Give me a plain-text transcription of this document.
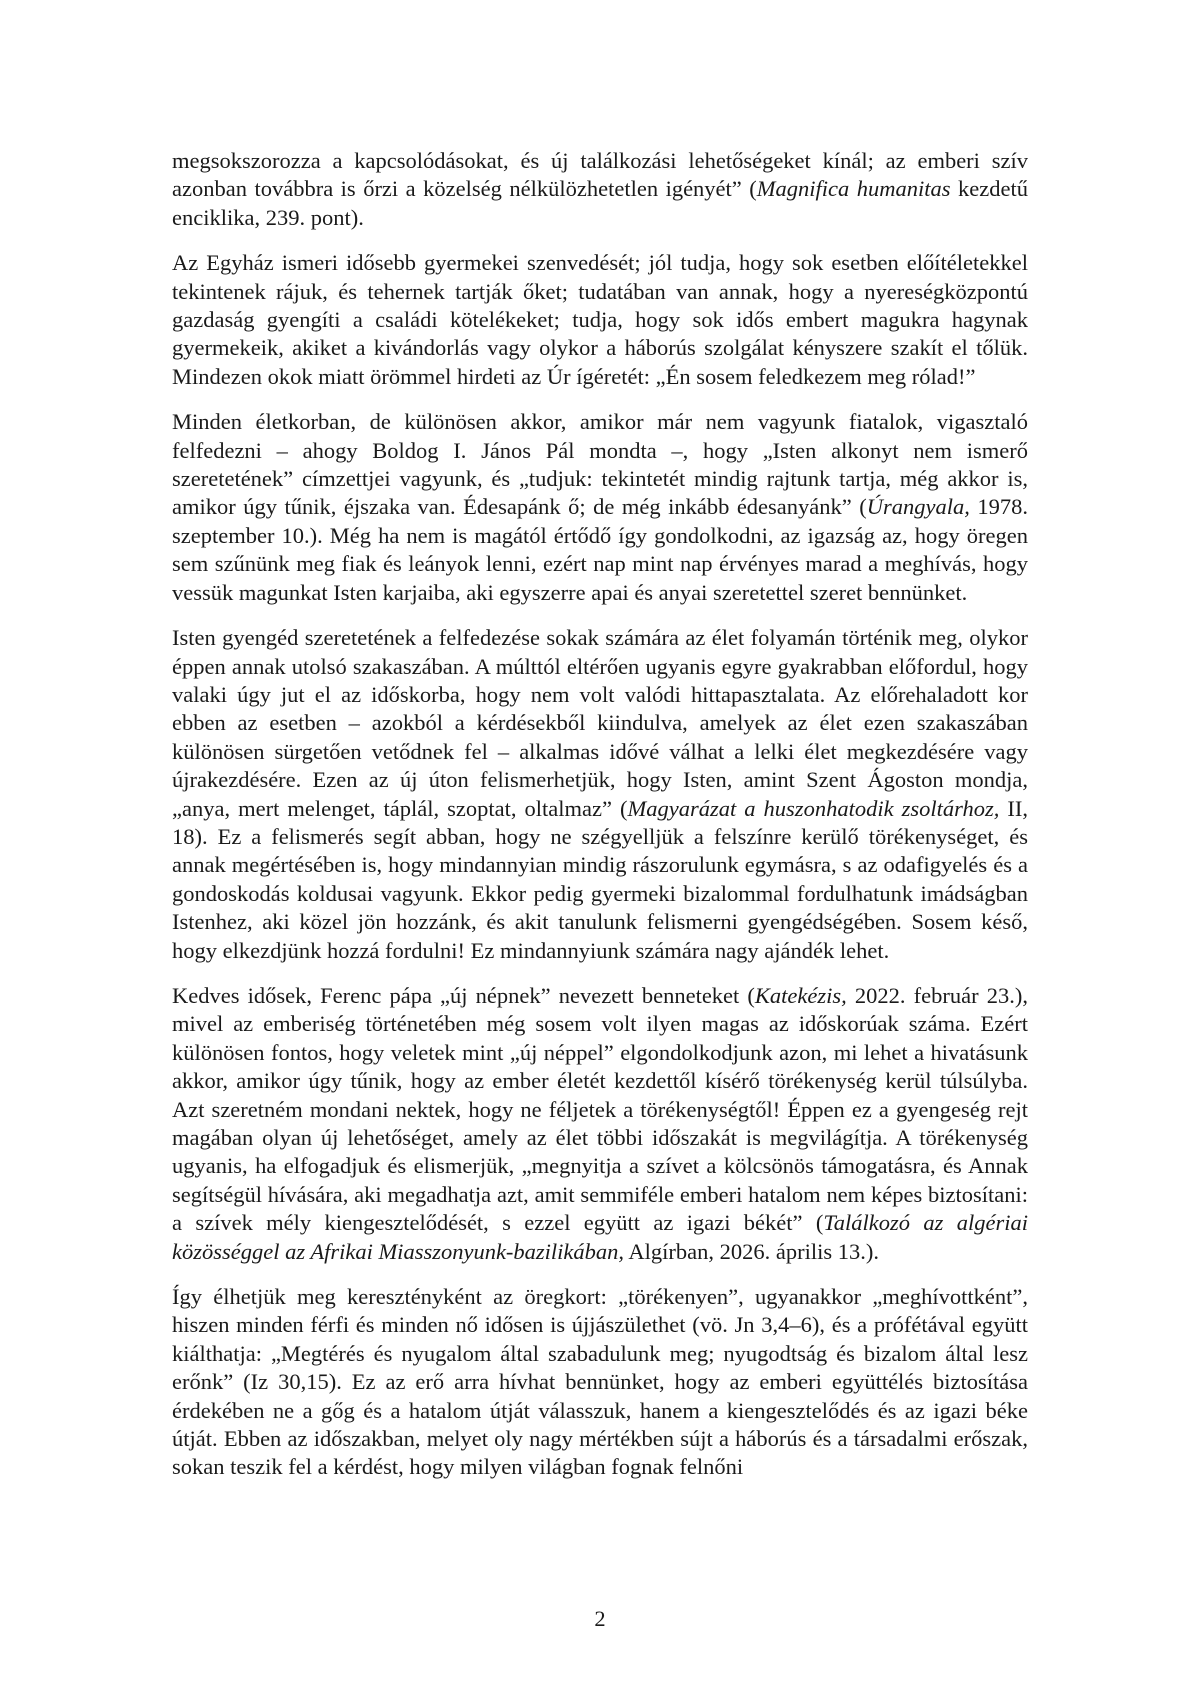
megsokszorozza a kapcsolódásokat, és új találkozási lehetőségeket kínál; az emberi szív azonban továbbra is őrzi a közelség nélkülözhetetlen igényét” (Magnifica humanitas kezdetű enciklika, 239. pont).

Az Egyház ismeri idősebb gyermekei szenvedését; jól tudja, hogy sok esetben előítéletekkel tekintenek rájuk, és tehernek tartják őket; tudatában van annak, hogy a nyereségközpontú gazdaság gyengíti a családi kötelékeket; tudja, hogy sok idős embert magukra hagynak gyermekeik, akiket a kivándorlás vagy olykor a háborús szolgálat kényszere szakít el tőlük. Mindezen okok miatt örömmel hirdeti az Úr ígéretét: „Én sosem feledkezem meg rólad!”

Minden életkorban, de különösen akkor, amikor már nem vagyunk fiatalok, vigasztaló felfedezni – ahogy Boldog I. János Pál mondta –, hogy „Isten alkonyt nem ismerő szeretetének” címzettjei vagyunk, és „tudjuk: tekintetét mindig rajtunk tartja, még akkor is, amikor úgy tűnik, éjszaka van. Édesapánk ő; de még inkább édesanyánk” (Úrangyala, 1978. szeptember 10.). Még ha nem is magától értődő így gondolkodni, az igazság az, hogy öregen sem szűnünk meg fiak és leányok lenni, ezért nap mint nap érvényes marad a meghívás, hogy vessük magunkat Isten karjaiba, aki egyszerre apai és anyai szeretettel szeret bennünket.

Isten gyengéd szeretetének a felfedezése sokak számára az élet folyamán történik meg, olykor éppen annak utolsó szakaszában. A múlttól eltérően ugyanis egyre gyakrabban előfordul, hogy valaki úgy jut el az időskorba, hogy nem volt valódi hittapasztalata. Az előrehaladott kor ebben az esetben – azokból a kérdésekből kiindulva, amelyek az élet ezen szakaszában különösen sürgetően vetődnek fel – alkalmas idővé válhat a lelki élet megkezdésére vagy újrakezdésére. Ezen az új úton felismerhetjük, hogy Isten, amint Szent Ágoston mondja, „anya, mert melenget, táplál, szoptat, oltalmaz” (Magyarázat a huszonhatodik zsoltárhoz, II, 18). Ez a felismerés segít abban, hogy ne szégyelljük a felszínre kerülő törékenységet, és annak megértésében is, hogy mindannyian mindig rászorulunk egymásra, s az odafigyelés és a gondoskodás koldusai vagyunk. Ekkor pedig gyermeki bizalommal fordulhatunk imádságban Istenhez, aki közel jön hozzánk, és akit tanulunk felismerni gyengédségében. Sosem késő, hogy elkezdjünk hozzá fordulni! Ez mindannyiunk számára nagy ajándék lehet.

Kedves idősek, Ferenc pápa „új népnek” nevezett benneteket (Katekézis, 2022. február 23.), mivel az emberiség történetében még sosem volt ilyen magas az időskorúak száma. Ezért különösen fontos, hogy veletek mint „új néppel” elgondolkodjunk azon, mi lehet a hivatásunk akkor, amikor úgy tűnik, hogy az ember életét kezdettől kísérő törékenység kerül túlsúlyba. Azt szeretném mondani nektek, hogy ne féljetek a törékenységtől! Éppen ez a gyengeség rejt magában olyan új lehetőséget, amely az élet többi időszakát is megvilágítja. A törékenység ugyanis, ha elfogadjuk és elismerjük, „megnyitja a szívet a kölcsönös támogatásra, és Annak segítségül hívására, aki megadhatja azt, amit semmiféle emberi hatalom nem képes biztosítani: a szívek mély kiengesztelődését, s ezzel együtt az igazi békét” (Találkozó az algériai közösséggel az Afrikai Miasszonyunk-bazilikában, Algírban, 2026. április 13.).

Így élhetjük meg keresztényként az öregkort: „törékenyen”, ugyanakkor „meghívottként”, hiszen minden férfi és minden nő idősen is újjászülethet (vö. Jn 3,4–6), és a prófétával együtt kiálthatja: „Megtérés és nyugalom által szabadulunk meg; nyugodtság és bizalom által lesz erőnk” (Iz 30,15). Ez az erő arra hívhat bennünket, hogy az emberi együttélés biztosítása érdekében ne a gőg és a hatalom útját válasszuk, hanem a kiengesztelődés és az igazi béke útját. Ebben az időszakban, melyet oly nagy mértékben sújt a háborús és a társadalmi erőszak, sokan teszik fel a kérdést, hogy milyen világban fognak felnőni

2
